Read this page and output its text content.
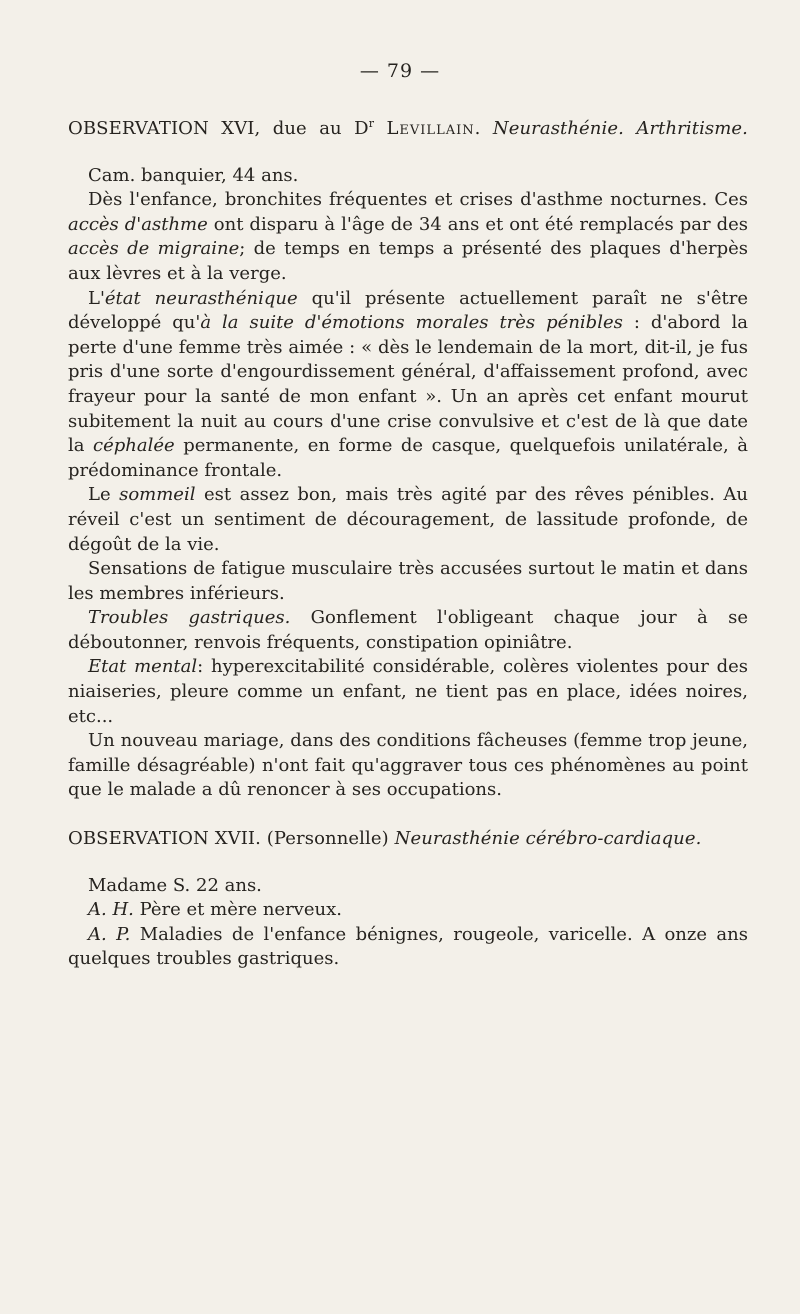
— 79 —
OBSERVATION XVI, due au $D^r$ Levillain. Neurasthénie. Arthritisme.

Cam. banquier, 44 ans.

Dès l'enfance, bronchites fréquentes et crises d'asthme nocturnes. Ces accès d'asthme ont disparu à l'âge de 34 ans et ont été remplacés par des accès de migraine; de temps en temps a présenté des plaques d'herpès aux lèvres et à la verge.

L'état neurasthénique qu'il présente actuellement paraît ne s'être développé qu'à la suite d'émotions morales très pénibles : d'abord la perte d'une femme très aimée : « dès le lendemain de la mort, dit-il, je fus pris d'une sorte d'engourdissement général, d'affaissement profond, avec frayeur pour la santé de mon enfant ». Un an après cet enfant mourut subitement la nuit au cours d'une crise convulsive et c'est de là que date la céphalée permanente, en forme de casque, quelquefois unilatérale, à prédominance frontale.

Le sommeil est assez bon, mais très agité par des rêves pénibles. Au réveil c'est un sentiment de découragement, de lassitude profonde, de dégoût de la vie.

Sensations de fatigue musculaire très accusées surtout le matin et dans les membres inférieurs.

Troubles gastriques. Gonflement l'obligeant chaque jour à se déboutonner, renvois fréquents, constipation opiniâtre.

Etat mental: hyperexcitabilité considérable, colères violentes pour des niaiseries, pleure comme un enfant, ne tient pas en place, idées noires, etc...

Un nouveau mariage, dans des conditions fâcheuses (femme trop jeune, famille désagréable) n'ont fait qu'aggraver tous ces phénomènes au point que le malade a dû renoncer à ses occupations.

OBSERVATION XVII. (Personnelle) Neurasthénie cérébro-cardiaque.

Madame S. 22 ans.

A. H. Père et mère nerveux.

A. P. Maladies de l'enfance bénignes, rougeole, varicelle. A onze ans quelques troubles gastriques.
